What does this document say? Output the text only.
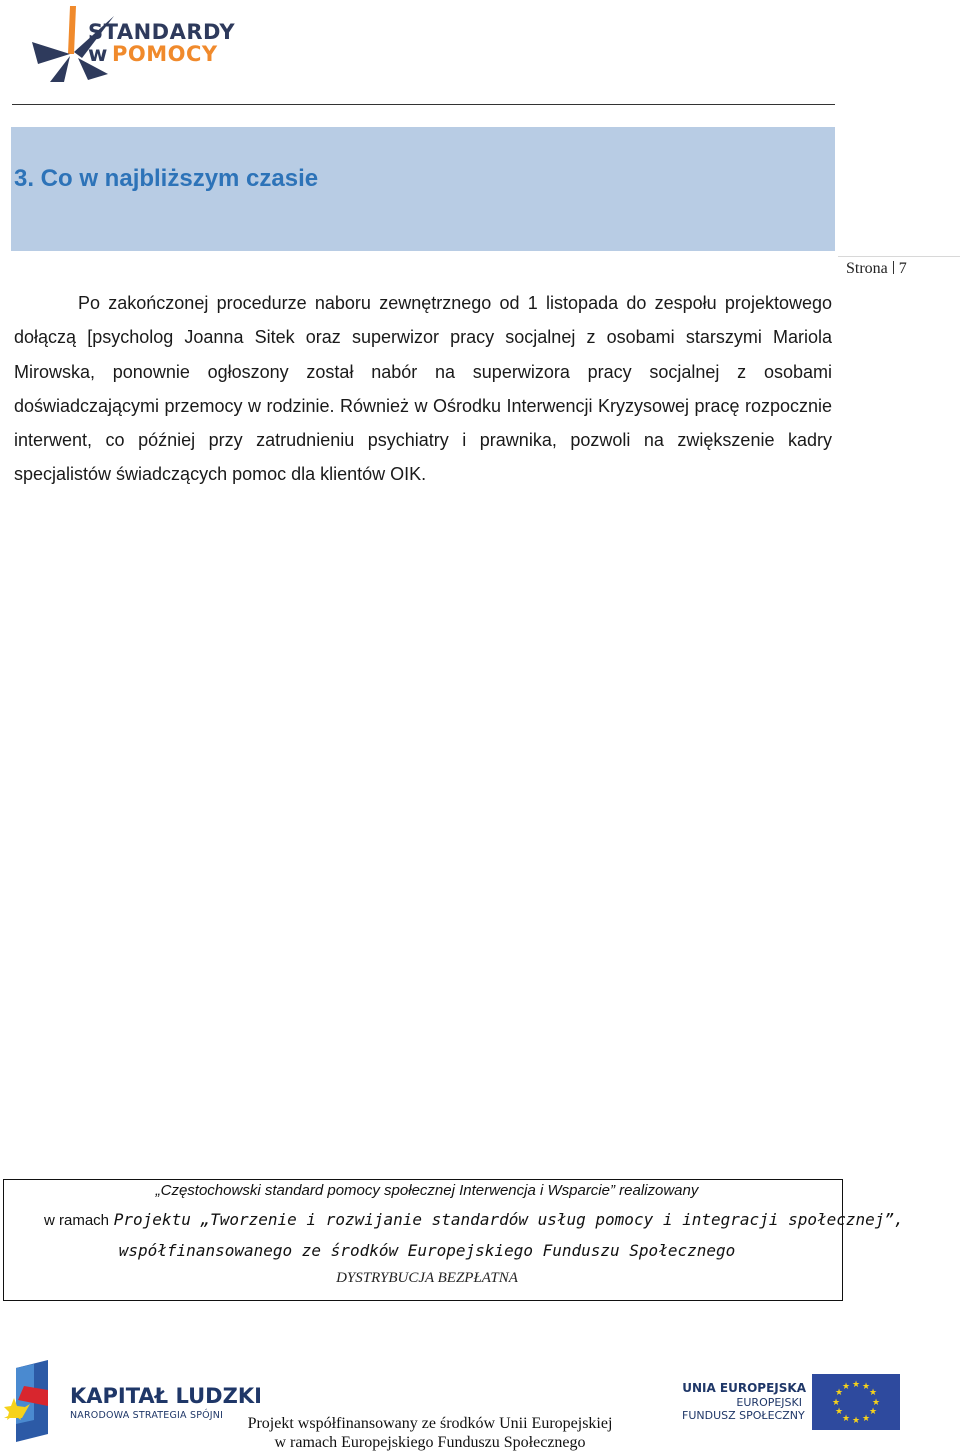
STANDARDY
w POMOCY
3. Co w najbliższym czasie
Strona 7
Po zakończonej procedurze naboru zewnętrznego od 1 listopada do zespołu projektowego dołączą [psycholog Joanna Sitek oraz superwizor pracy socjalnej z osobami starszymi Mariola Mirowska, ponownie ogłoszony został nabór na superwizora pracy socjalnej z osobami doświadczającymi przemocy w rodzinie. Również w Ośrodku Interwencji Kryzysowej pracę rozpocznie interwent, co później przy zatrudnieniu psychiatry i prawnika, pozwoli na zwiększenie kadry specjalistów świadczących pomoc dla klientów OIK.
„Częstochowski standard pomocy społecznej Interwencja i Wsparcie” realizowany
w ramach Projektu „Tworzenie i rozwijanie standardów usług pomocy i integracji społecznej”,
współfinansowanego ze środków Europejskiego Funduszu Społecznego
DYSTRYBUCJA BEZPŁATNA
KAPITAŁ LUDZKI
NARODOWA STRATEGIA SPÓJNI	Projekt współfinansowany ze środków Unii Europejskiej
w ramach Europejskiego Funduszu Społecznego
UNIA EUROPEJSKA
EUROPEJSKI
FUNDUSZ SPOŁECZNY
★ ★
★
★
★
★
★
★
★
★
★
★
